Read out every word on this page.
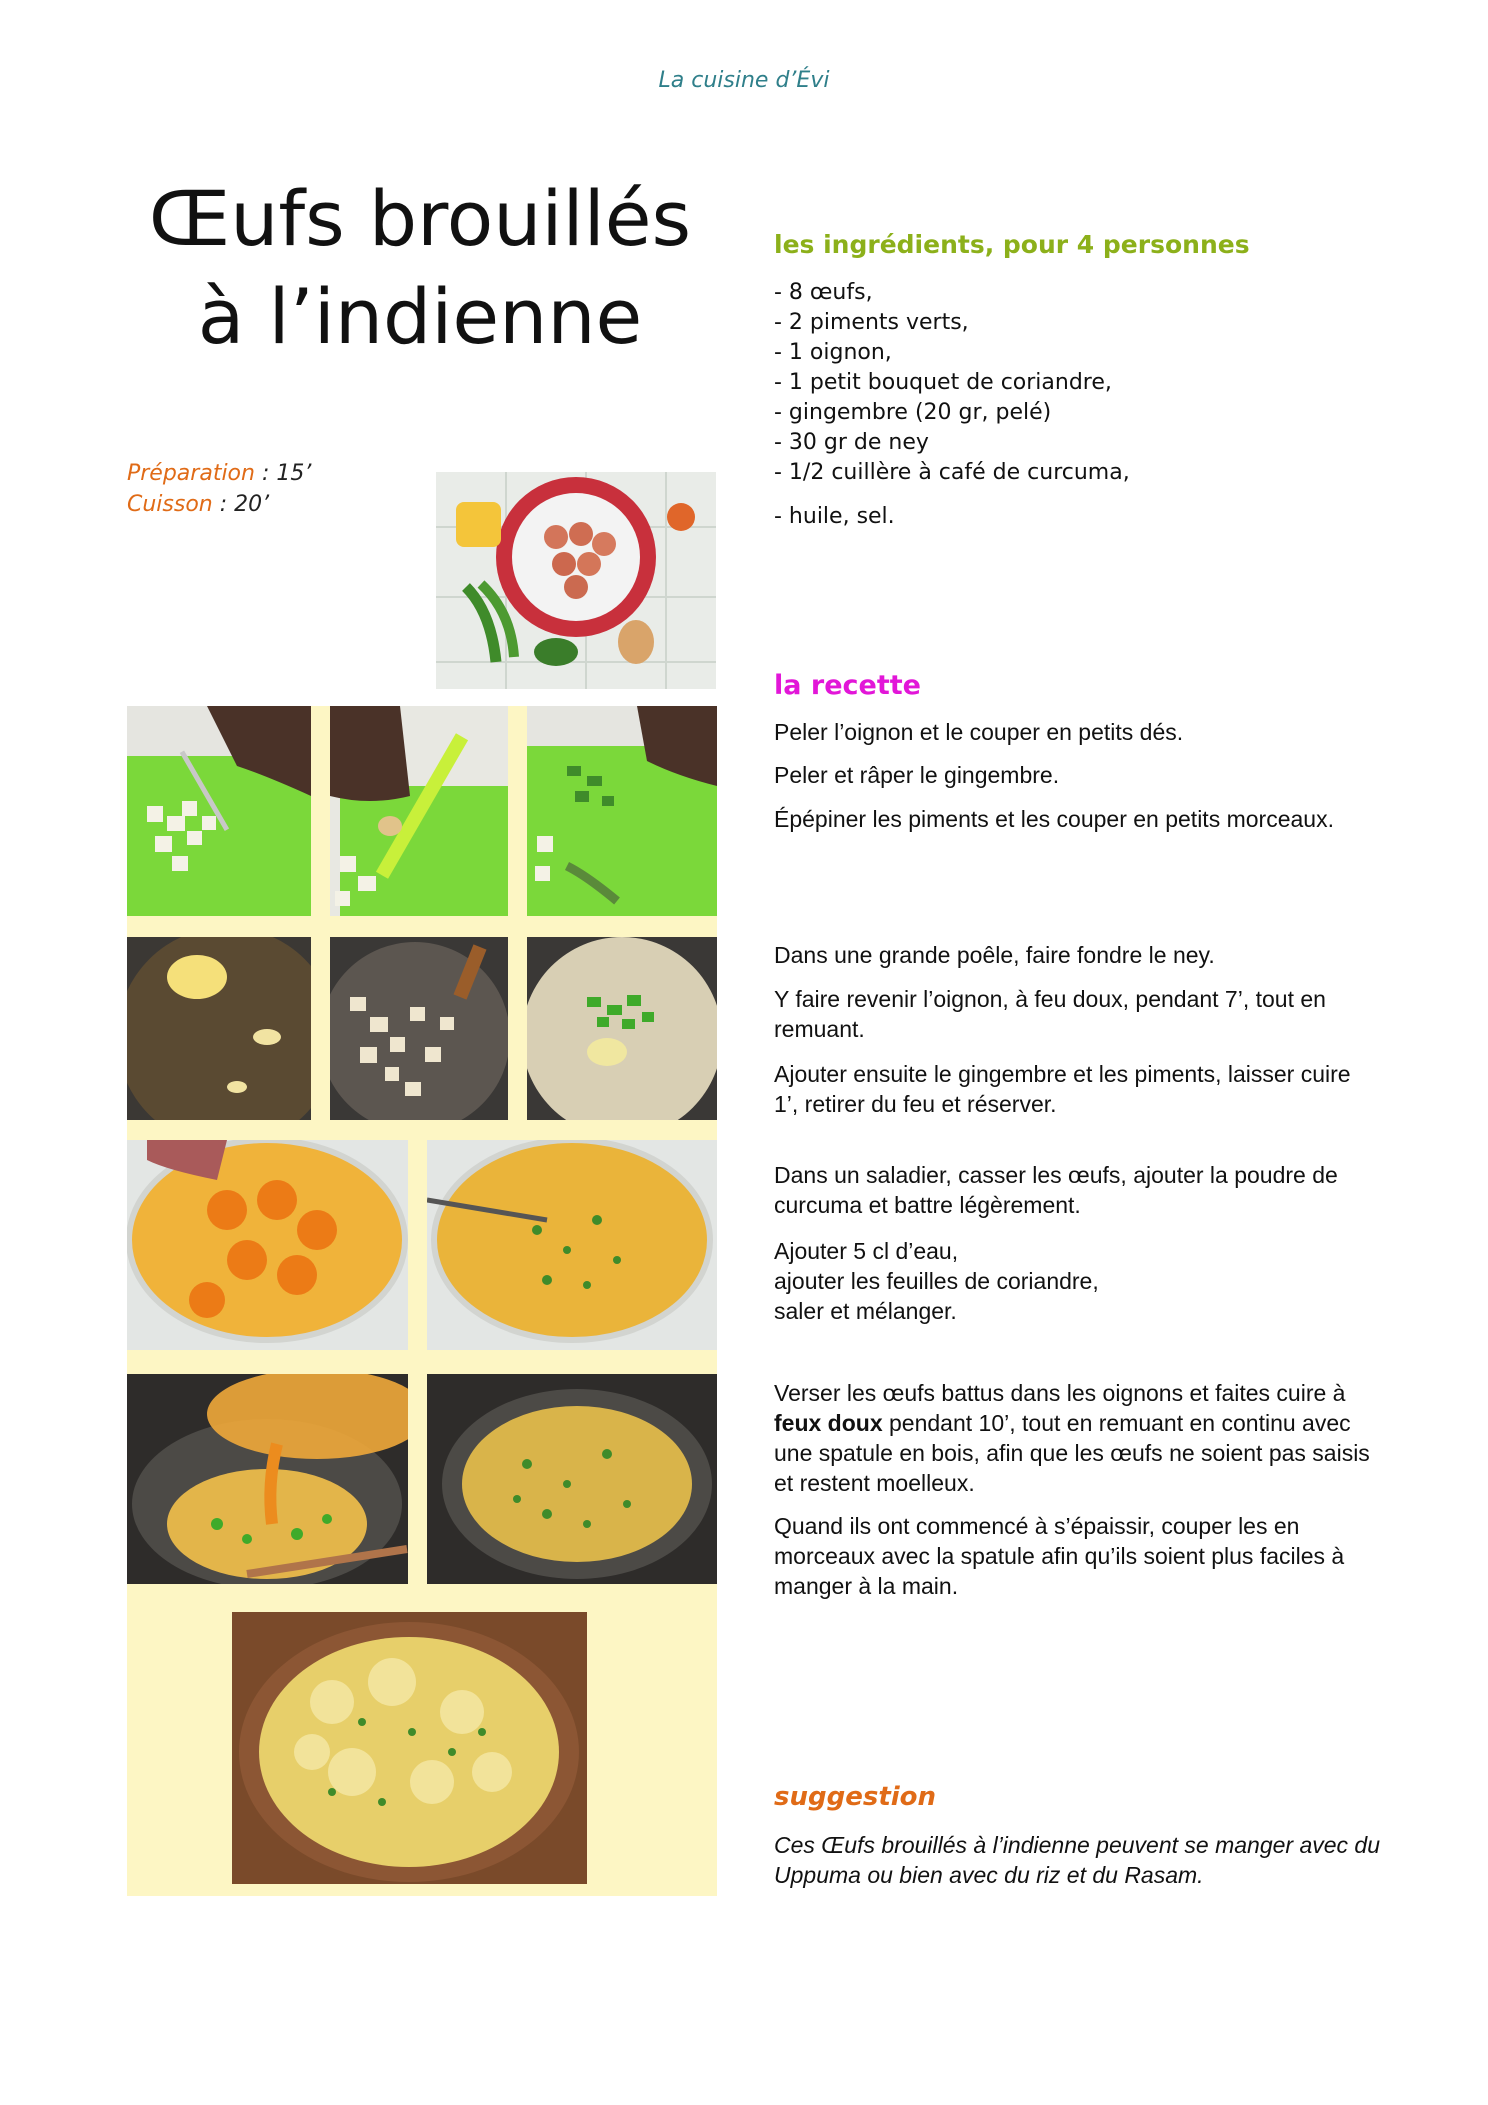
La cuisine d’Évi
Œufs brouillés
à l’indienne
Préparation : 15’
Cuisson : 20’
les ingrédients, pour 4 personnes
- 8 œufs,
- 2 piments verts,
- 1 oignon,
- 1 petit bouquet de coriandre,
- gingembre (20 gr, pelé)
- 30 gr de ney
- 1/2 cuillère à café de curcuma,
- huile, sel.
la recette

Peler l’oignon et le couper en petits dés.

Peler et râper le gingembre.

Épépiner les piments et les couper en petits morceaux.

Dans une grande poêle, faire fondre le ney.

Y faire revenir l’oignon, à feu doux, pendant 7’, tout en remuant.

Ajouter ensuite le gingembre et les piments, laisser cuire 1’, retirer du feu et réserver.

Dans un saladier, casser les œufs, ajouter la poudre de curcuma et battre légèrement.

Ajouter 5 cl d’eau,

ajouter les feuilles de coriandre,

saler et mélanger.

Verser les œufs battus dans les oignons et faites cuire à feux doux pendant 10’, tout en remuant en continu avec une spatule en bois, afin que les œufs ne soient pas saisis et restent moelleux.

Quand ils ont commencé à s’épaissir, couper les en morceaux avec la spatule afin qu’ils soient plus faciles à manger à la main.

suggestion
Ces Œufs brouillés à l’indienne peuvent se manger avec du Uppuma ou bien avec du riz et du Rasam.
